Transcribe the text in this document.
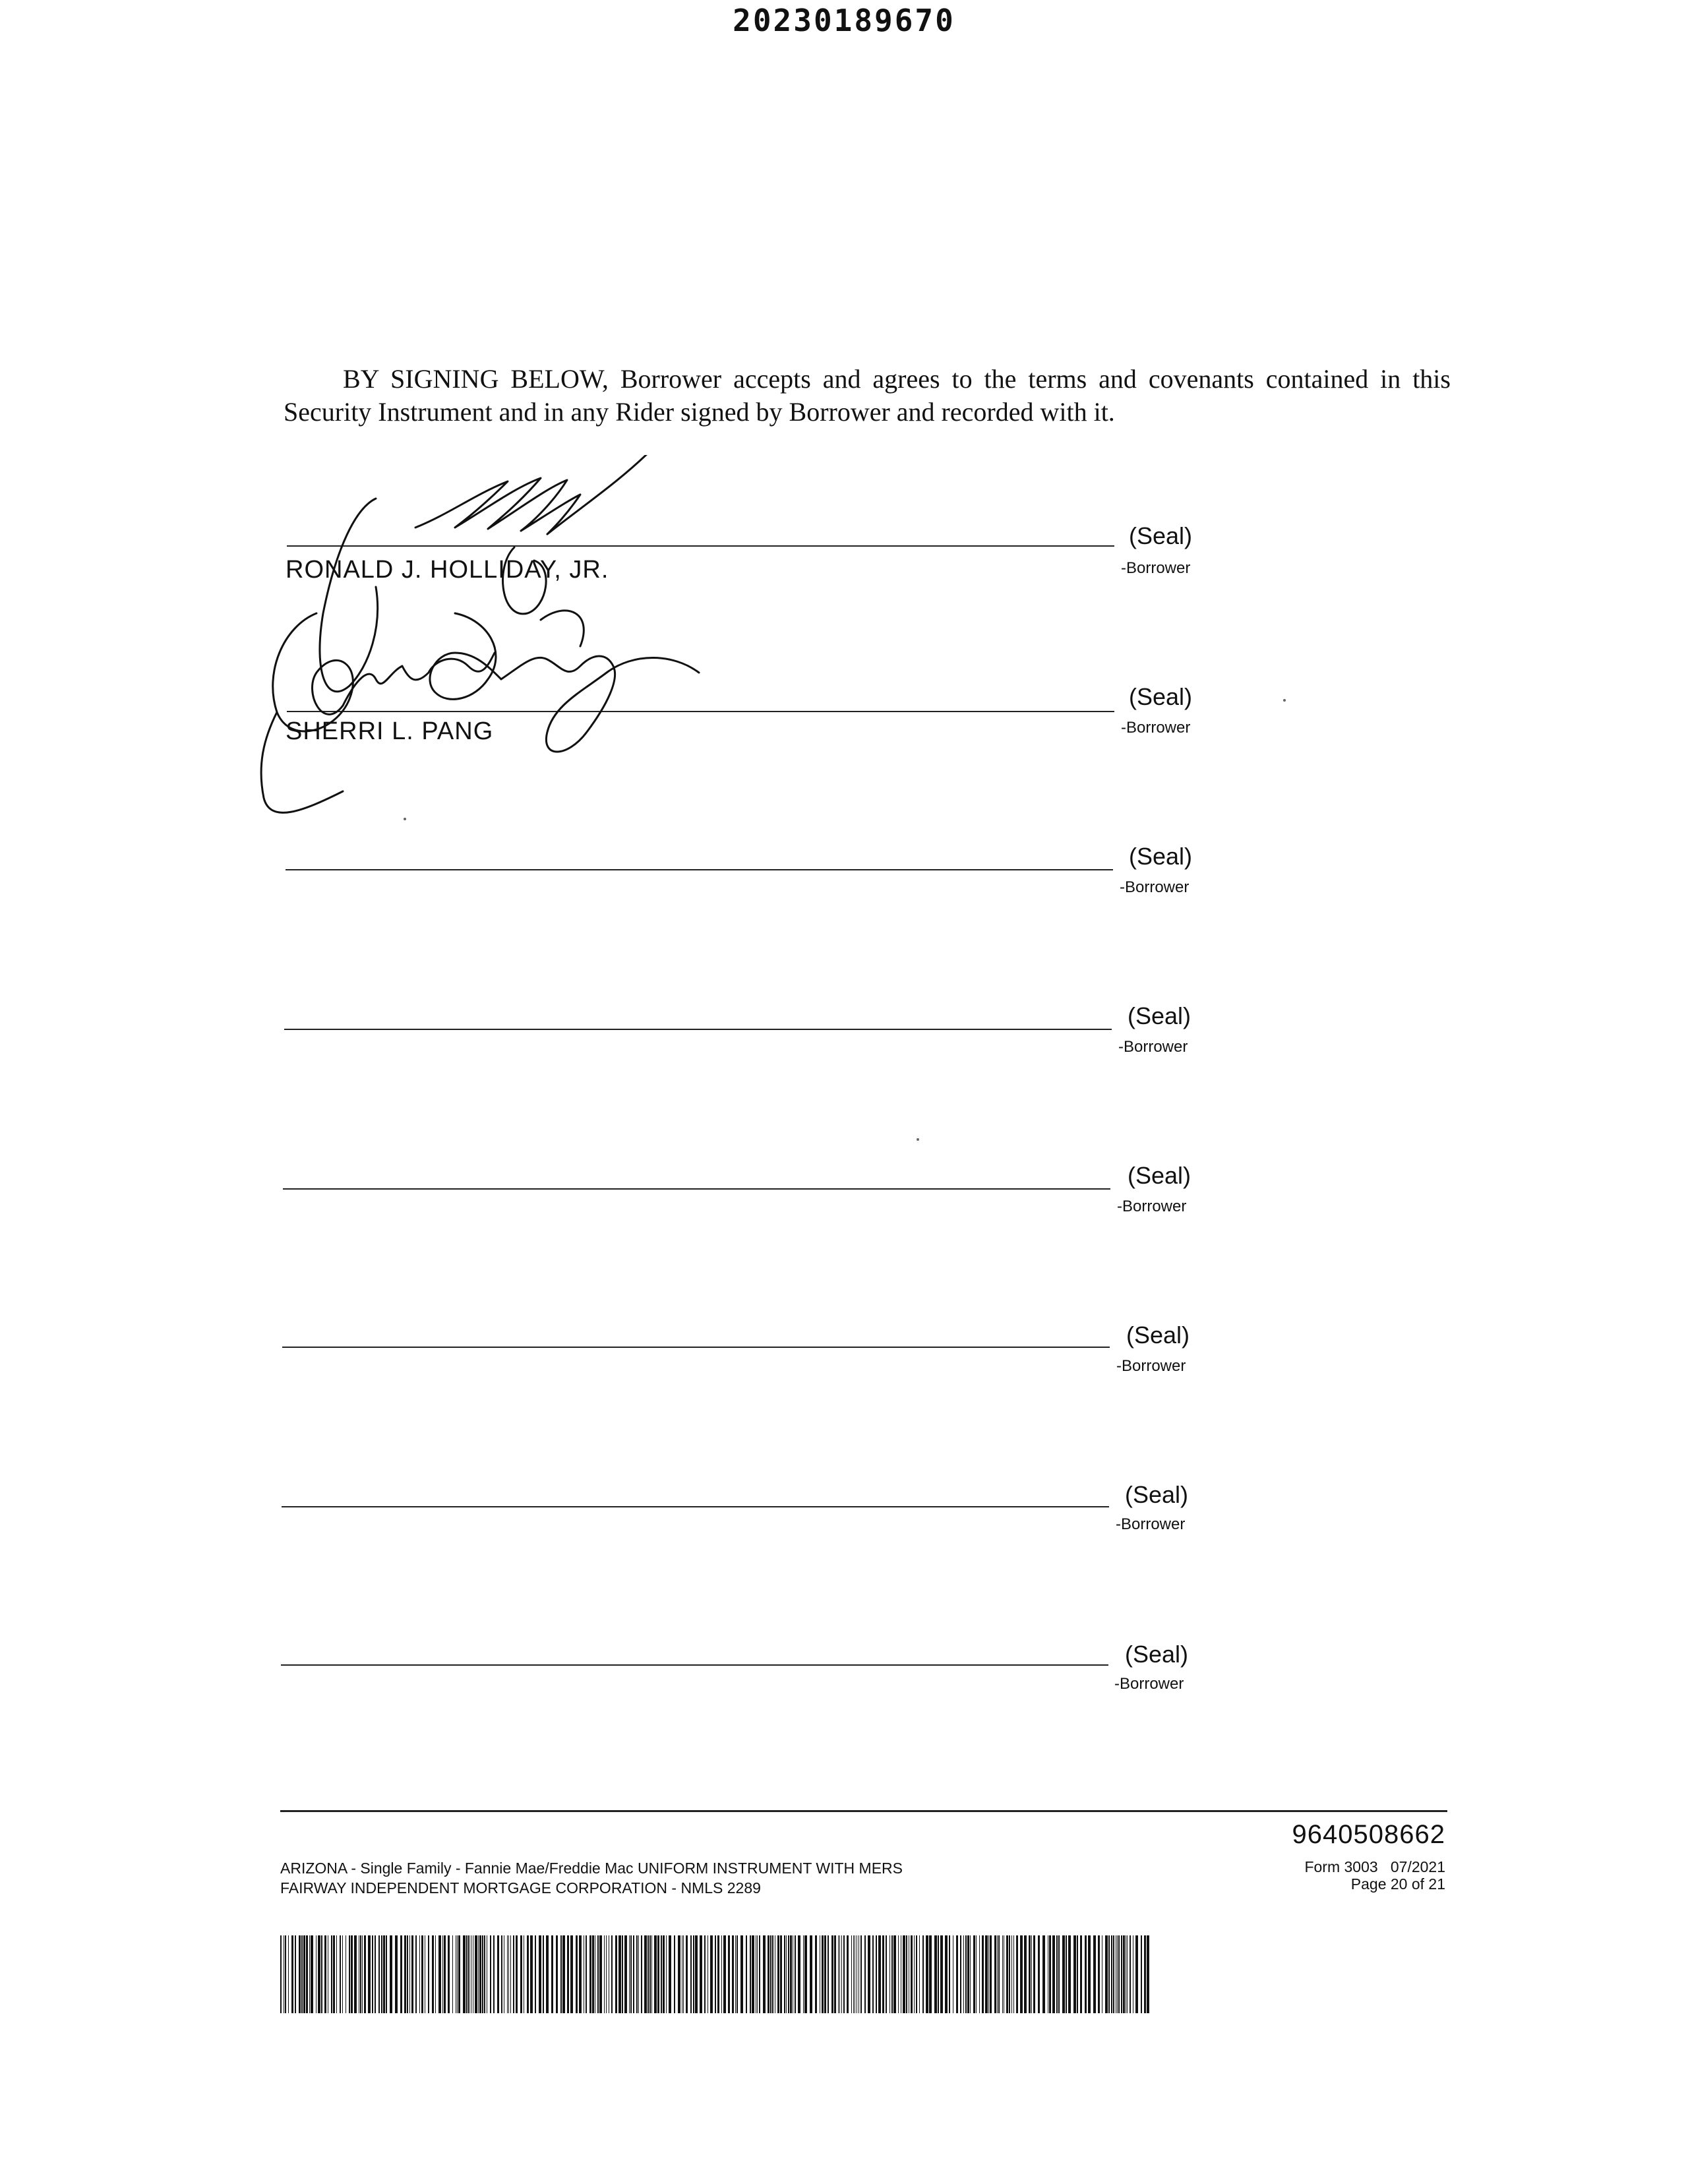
20230189670

BY SIGNING BELOW, Borrower accepts and agrees to the terms and covenants contained in this Security Instrument and in any Rider signed by Borrower and recorded with it.

(Seal)
-Borrower
RONALD J. HOLLIDAY, JR.
(Seal)
-Borrower
SHERRI L. PANG
(Seal)
-Borrower
(Seal)
-Borrower
(Seal)
-Borrower
(Seal)
-Borrower
(Seal)
-Borrower
(Seal)
-Borrower
9640508662
ARIZONA - Single Family - Fannie Mae/Freddie Mac UNIFORM INSTRUMENT WITH MERS
FAIRWAY INDEPENDENT MORTGAGE CORPORATION - NMLS 2289
Form 3003 07/2021
Page 20 of 21
